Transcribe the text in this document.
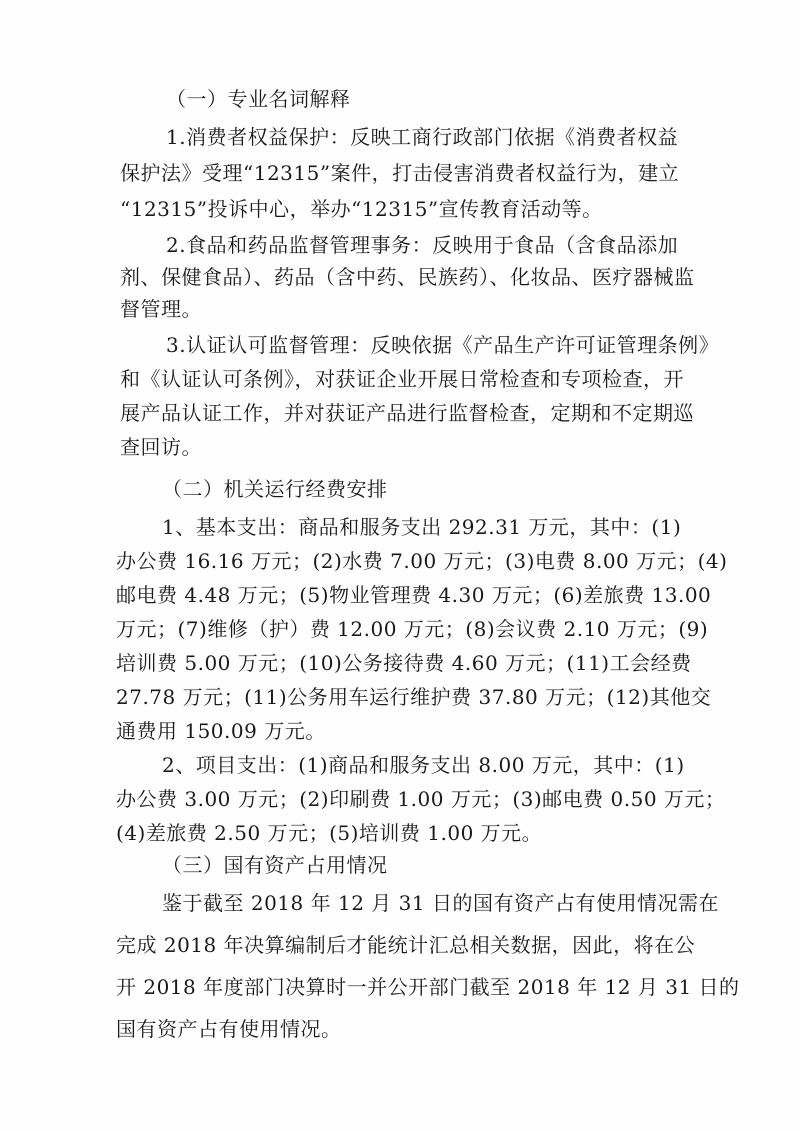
（一）专业名词解释
1.消费者权益保护：反映工商行政部门依据《消费者权益
保护法》受理“12315”案件，打击侵害消费者权益行为，建立
“12315”投诉中心，举办“12315”宣传教育活动等。
2.食品和药品监督管理事务：反映用于食品（含食品添加
剂、保健食品）、药品（含中药、民族药）、化妆品、医疗器械监
督管理。
3.认证认可监督管理：反映依据《产品生产许可证管理条例》
和《认证认可条例》，对获证企业开展日常检查和专项检查，开
展产品认证工作，并对获证产品进行监督检查，定期和不定期巡
查回访。
（二）机关运行经费安排
1、基本支出：商品和服务支出 292.31 万元，其中：(1)
办公费 16.16 万元；(2)水费 7.00 万元；(3)电费 8.00 万元；(4)
邮电费 4.48 万元；(5)物业管理费 4.30 万元；(6)差旅费 13.00
万元；(7)维修（护）费 12.00 万元；(8)会议费 2.10 万元；(9)
培训费 5.00 万元；(10)公务接待费 4.60 万元；(11)工会经费
27.78 万元；(11)公务用车运行维护费 37.80 万元；(12)其他交
通费用 150.09 万元。
2、项目支出：(1)商品和服务支出 8.00 万元，其中：(1)
办公费 3.00 万元；(2)印刷费 1.00 万元；(3)邮电费 0.50 万元；
(4)差旅费 2.50 万元；(5)培训费 1.00 万元。
（三）国有资产占用情况
鉴于截至 2018 年 12 月 31 日的国有资产占有使用情况需在
完成 2018 年决算编制后才能统计汇总相关数据，因此，将在公
开 2018 年度部门决算时一并公开部门截至 2018 年 12 月 31 日的
国有资产占有使用情况。
